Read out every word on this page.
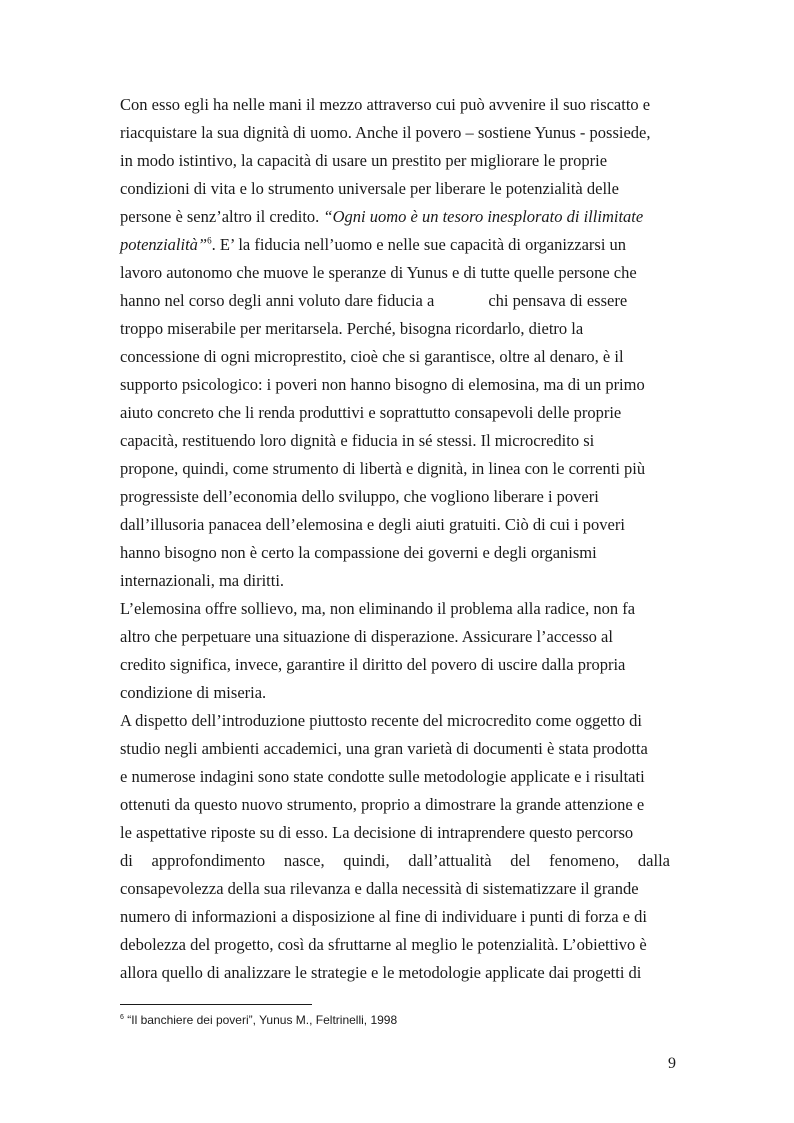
Con esso egli ha nelle mani il mezzo attraverso cui può avvenire il suo riscatto e
riacquistare la sua dignità di uomo. Anche il povero – sostiene Yunus - possiede,
in modo istintivo, la capacità di usare un prestito per migliorare le proprie
condizioni di vita e lo strumento universale per liberare le potenzialità delle
persone è senz’altro il credito. “Ogni uomo è un tesoro inesplorato di illimitate
potenzialità”$^6$. E’ la fiducia nell’uomo e nelle sue capacità di organizzarsi un
lavoro autonomo che muove le speranze di Yunus e di tutte quelle persone che
hanno nel corso degli anni voluto dare fiducia a	chi pensava di essere
troppo miserabile per meritarsela. Perché, bisogna ricordarlo, dietro la
concessione di ogni microprestito, cioè che si garantisce, oltre al denaro, è il
supporto psicologico: i poveri non hanno bisogno di elemosina, ma di un primo
aiuto concreto che li renda produttivi e soprattutto consapevoli delle proprie
capacità, restituendo loro dignità e fiducia in sé stessi. Il microcredito si
propone, quindi, come strumento di libertà e dignità, in linea con le correnti più
progressiste dell’economia dello sviluppo, che vogliono liberare i poveri
dall’illusoria panacea dell’elemosina e degli aiuti gratuiti. Ciò di cui i poveri
hanno bisogno non è certo la compassione dei governi e degli organismi
internazionali, ma diritti.
L’elemosina offre sollievo, ma, non eliminando il problema alla radice, non fa
altro che perpetuare una situazione di disperazione. Assicurare l’accesso al
credito significa, invece, garantire il diritto del povero di uscire dalla propria
condizione di miseria.
A dispetto dell’introduzione piuttosto recente del microcredito come oggetto di
studio negli ambienti accademici, una gran varietà di documenti è stata prodotta
e numerose indagini sono state condotte sulle metodologie applicate e i risultati
ottenuti da questo nuovo strumento, proprio a dimostrare la grande attenzione e
le aspettative riposte su di esso. La decisione di intraprendere questo percorso
di approfondimento nasce, quindi, dall’attualità del fenomeno, dalla
consapevolezza della sua rilevanza e dalla necessità di sistematizzare il grande
numero di informazioni a disposizione al fine di individuare i punti di forza e di
debolezza del progetto, così da sfruttarne al meglio le potenzialità. L’obiettivo è
allora quello di analizzare le strategie e le metodologie applicate dai progetti di
$^6$ “Il banchiere dei poveri”, Yunus M., Feltrinelli, 1998
9
